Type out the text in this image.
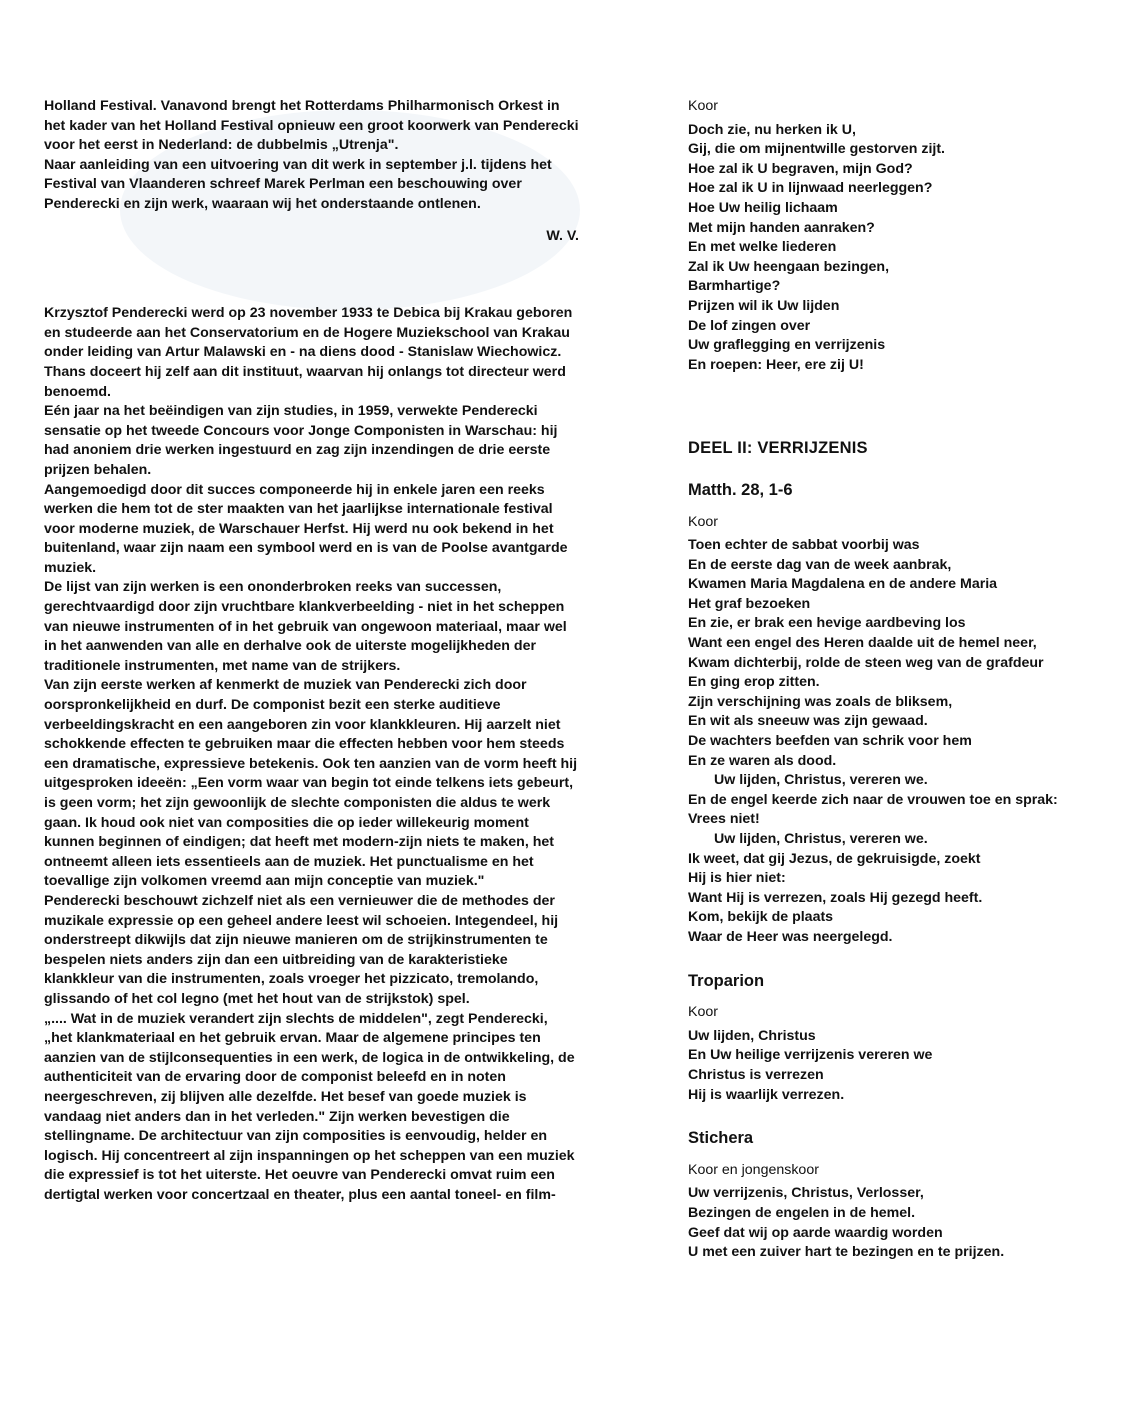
Holland Festival. Vanavond brengt het Rotterdams Philharmonisch Orkest in het kader van het Holland Festival opnieuw een groot koorwerk van Penderecki voor het eerst in Nederland: de dubbelmis „Utrenja".

Naar aanleiding van een uitvoering van dit werk in september j.l. tijdens het Festival van Vlaanderen schreef Marek Perlman een beschouwing over Penderecki en zijn werk, waaraan wij het onderstaande ontlenen.

W. V.

Krzysztof Penderecki werd op 23 november 1933 te Debica bij Krakau geboren en studeerde aan het Conservatorium en de Hogere Muziekschool van Krakau onder leiding van Artur Malawski en - na diens dood - Stanislaw Wiechowicz. Thans doceert hij zelf aan dit instituut, waarvan hij onlangs tot directeur werd benoemd.

Eén jaar na het beëindigen van zijn studies, in 1959, verwekte Penderecki sensatie op het tweede Concours voor Jonge Componisten in Warschau: hij had anoniem drie werken ingestuurd en zag zijn inzendingen de drie eerste prijzen behalen.

Aangemoedigd door dit succes componeerde hij in enkele jaren een reeks werken die hem tot de ster maakten van het jaarlijkse internationale festival voor moderne muziek, de Warschauer Herfst. Hij werd nu ook bekend in het buitenland, waar zijn naam een symbool werd en is van de Poolse avantgarde muziek.

De lijst van zijn werken is een ononderbroken reeks van successen, gerechtvaardigd door zijn vruchtbare klankverbeelding - niet in het scheppen van nieuwe instrumenten of in het gebruik van ongewoon materiaal, maar wel in het aanwenden van alle en derhalve ook de uiterste mogelijkheden der traditionele instrumenten, met name van de strijkers.

Van zijn eerste werken af kenmerkt de muziek van Penderecki zich door oorspronkelijkheid en durf. De componist bezit een sterke auditieve verbeeldingskracht en een aangeboren zin voor klankkleuren. Hij aarzelt niet schokkende effecten te gebruiken maar die effecten hebben voor hem steeds een dramatische, expressieve betekenis. Ook ten aanzien van de vorm heeft hij uitgesproken ideeën: „Een vorm waar van begin tot einde telkens iets gebeurt, is geen vorm; het zijn gewoonlijk de slechte componisten die aldus te werk gaan. Ik houd ook niet van composities die op ieder willekeurig moment kunnen beginnen of eindigen; dat heeft met modern-zijn niets te maken, het ontneemt alleen iets essentieels aan de muziek. Het punctualisme en het toevallige zijn volkomen vreemd aan mijn conceptie van muziek."

Penderecki beschouwt zichzelf niet als een vernieuwer die de methodes der muzikale expressie op een geheel andere leest wil schoeien. Integendeel, hij onderstreept dikwijls dat zijn nieuwe manieren om de strijkinstrumenten te bespelen niets anders zijn dan een uitbreiding van de karakteristieke klankkleur van die instrumenten, zoals vroeger het pizzicato, tremolando, glissando of het col legno (met het hout van de strijkstok) spel.

„.... Wat in de muziek verandert zijn slechts de middelen", zegt Penderecki, „het klankmateriaal en het gebruik ervan. Maar de algemene principes ten aanzien van de stijlconsequenties in een werk, de logica in de ontwikkeling, de authenticiteit van de ervaring door de componist beleefd en in noten neergeschreven, zij blijven alle dezelfde. Het besef van goede muziek is vandaag niet anders dan in het verleden." Zijn werken bevestigen die stellingname. De architectuur van zijn composities is eenvoudig, helder en logisch. Hij concentreert al zijn inspanningen op het scheppen van een muziek die expressief is tot het uiterste. Het oeuvre van Penderecki omvat ruim een dertigtal werken voor concertzaal en theater, plus een aantal toneel- en film-

Koor
Doch zie, nu herken ik U,
Gij, die om mijnentwille gestorven zijt.
Hoe zal ik U begraven, mijn God?
Hoe zal ik U in lijnwaad neerleggen?
Hoe Uw heilig lichaam
Met mijn handen aanraken?
En met welke liederen
Zal ik Uw heengaan bezingen,
Barmhartige?
Prijzen wil ik Uw lijden
De lof zingen over
Uw graflegging en verrijzenis
En roepen: Heer, ere zij U!
DEEL II: VERRIJZENIS
Matth. 28, 1-6
Koor
Toen echter de sabbat voorbij was
En de eerste dag van de week aanbrak,
Kwamen Maria Magdalena en de andere Maria
Het graf bezoeken
En zie, er brak een hevige aardbeving los
Want een engel des Heren daalde uit de hemel neer,
Kwam dichterbij, rolde de steen weg van de grafdeur
En ging erop zitten.
Zijn verschijning was zoals de bliksem,
En wit als sneeuw was zijn gewaad.
De wachters beefden van schrik voor hem
En ze waren als dood.
Uw lijden, Christus, vereren we.
En de engel keerde zich naar de vrouwen toe en sprak:
Vrees niet!
Uw lijden, Christus, vereren we.
Ik weet, dat gij Jezus, de gekruisigde, zoekt
Hij is hier niet:
Want Hij is verrezen, zoals Hij gezegd heeft.
Kom, bekijk de plaats
Waar de Heer was neergelegd.
Troparion
Koor
Uw lijden, Christus
En Uw heilige verrijzenis vereren we
Christus is verrezen
Hij is waarlijk verrezen.
Stichera
Koor en jongenskoor
Uw verrijzenis, Christus, Verlosser,
Bezingen de engelen in de hemel.
Geef dat wij op aarde waardig worden
U met een zuiver hart te bezingen en te prijzen.
